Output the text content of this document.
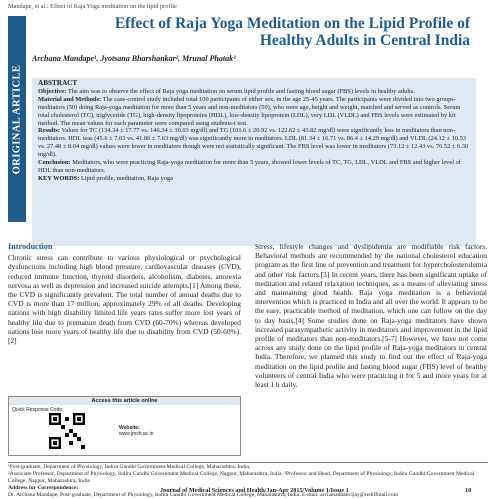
Mandape, et al.: Effect of Raja Yoga meditation on the lipid profile
ORIGINAL ARTICLE
Effect of Raja Yoga Meditation on the Lipid Profile of Healthy Adults in Central India
Archana Mandape¹, Jyotsana Bharshankar², Mrunal Phatak³
ABSTRACT

Objective: The aim was to observe the effect of Raja yoga meditation on serum lipid profile and fasting blood sugar (FBS) levels in healthy adults.

Material and Methods: The case-control study included total 100 participants of either sex, in the age 25-45 years. The participants were divided into two groups-meditators (50) doing Raja-yoga meditation for more than 5 years and non-meditators (50), who were age, height and weight, matched and served as controls. Serum total cholesterol (TC), triglyceride (TG), high-density lipoproteins (HDL), low-density lipoprotein (LDL), very LDL (VLDL) and FBS levels were estimated by kit method. The mean values for each parameter were compared using students-t test.

Results: Values for TC (134.34 ± 17.77 vs. 146.34 ± 30.03 mg/dl) and TG (101.6 ± 20.92 vs. 122.62 ± 43.82 mg/dl) were significantly less in meditators than non-meditators. HDL was (45.6 ± 7.03 vs. 41.86 ± 7.63 mg/dl) was significantly more in meditators. LDL (81.34 ± 16.71 vs. 86.4 ± 14.29 mg/dl) and VLDL (24.12 ± 10.53 vs. 27.48 ± 8.04 mg/dl) values were lower in meditators though were not statistically significant. The FBS level was lower in meditators (73.12 ± 12.43 vs. 76.52 ± 6.30 mg/dl).

Conclusion: Meditators, who were practicing Raja-yoga meditation for more than 5 years, showed lower levels of TC, TG, LDL, VLDL and FBS and higher level of HDL than non-meditators.

KEY WORDS: Lipid profile, meditation, Raja yoga

Introduction
Chronic stress can contribute to various physiological or psychological dysfunctions including high blood pressure, cardiovascular diseases (CVD), reduced immune function, thyroid disorders, alcoholism, diabetes, anorexia nervosa as well as depression and increased suicide attempts.[1] Among these, the CVD is significantly prevalent. The total number of annual deaths due to CVD is more than 17 million, approximately 29% of all deaths. Developing nations with high disability limited life years rates suffer more lost years of healthy life due to premature death from CVD (60-70%) whereas developed nations lose more years of healthy life due to disability from CVD (50-60%).[2]
Stress, lifestyle changes and dyslipidemia are modifiable risk factors. Behavioral methods are recommended by the national cholesterol education program as the first line of prevention and treatment for hypercholesterolemia and other risk factors.[3] In recent years, there has been significant uptake of meditation and related relaxation techniques, as a means of alleviating stress and maintaining good health. Raja yoga meditation is a behavioral intervention which is practiced in India and all over the world. It appears to be the easy, practicable method of meditation, which one can follow on the day to day basis.[4] Some studies done on Raja-yoga meditators have shown increased parasympathetic activity in meditators and improvement in the lipid profile of meditators than non-meditators.[5-7] However, we have not come across any study done on the lipid profile of Raja-yoga meditators in central India. Therefore, we planned this study to find out the effect of Raja-yoga meditation on the lipid profile and fasting blood sugar (FBS) level of healthy volunteers of central India who were practicing it for 5 and more years for at least 1 h daily.
Access this article online
Quick Response Code:
Website:
www.jmsh.ac.in
¹Post-graduate, Department of Physiology, Indira Gandhi Government Medical College, Maharashtra, India,
²Associate Professor, Department of Physiology, Indira Gandhi Government Medical College, Nagpur, Maharashtra, India, ³Professor and Head, Department of Physiology, Indira Gandhi Government Medical College, Nagpur, Maharashtra, India
Address for Correspondence:
Dr. Archana Mandape, Post-graduate, Department of Physiology, Indira Gandhi Government Medical College, Maharashtra, India. E-mail: archanadhanvijay@rediffmail.com
Journal of Medical Sciences and Health/Jan-Apr 2015/Volume 1/Issue 1	10
